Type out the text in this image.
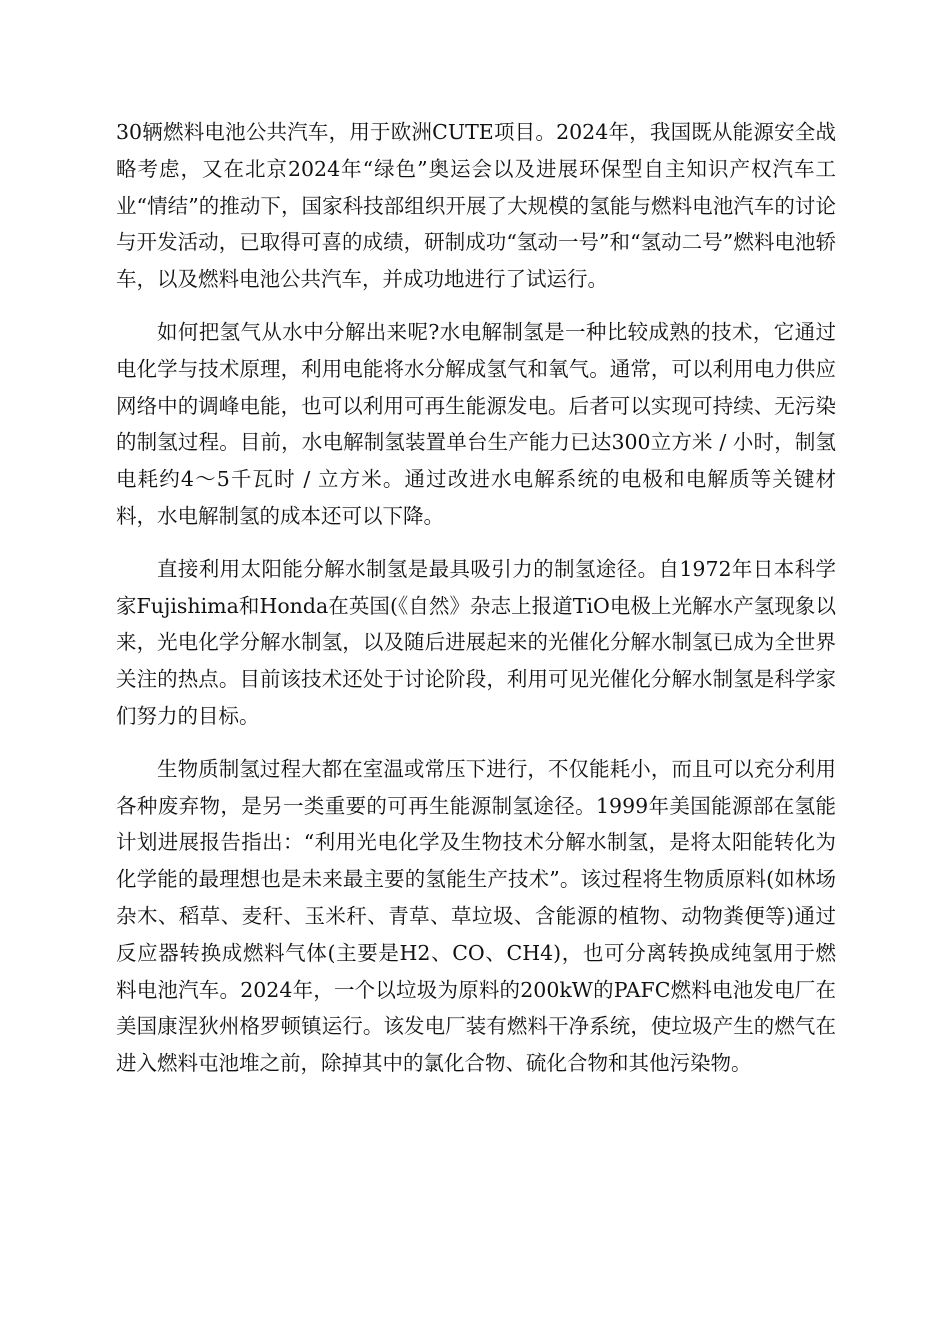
30辆燃料电池公共汽车，用于欧洲CUTE项目。2024年，我国既从能源安全战略考虑，又在北京2024年“绿色”奥运会以及进展环保型自主知识产权汽车工业“情结”的推动下，国家科技部组织开展了大规模的氢能与燃料电池汽车的讨论与开发活动，已取得可喜的成绩，研制成功“氢动一号”和“氢动二号”燃料电池轿车，以及燃料电池公共汽车，并成功地进行了试运行。

如何把氢气从水中分解出来呢?水电解制氢是一种比较成熟的技术，它通过电化学与技术原理，利用电能将水分解成氢气和氧气。通常，可以利用电力供应网络中的调峰电能，也可以利用可再生能源发电。后者可以实现可持续、无污染的制氢过程。目前，水电解制氢装置单台生产能力已达300立方米 / 小时，制氢电耗约4～5千瓦时 / 立方米。通过改进水电解系统的电极和电解质等关键材料，水电解制氢的成本还可以下降。

直接利用太阳能分解水制氢是最具吸引力的制氢途径。自1972年日本科学家Fujishima和Honda在英国(《自然》杂志上报道TiO电极上光解水产氢现象以来，光电化学分解水制氢，以及随后进展起来的光催化分解水制氢已成为全世界关注的热点。目前该技术还处于讨论阶段，利用可见光催化分解水制氢是科学家们努力的目标。

生物质制氢过程大都在室温或常压下进行，不仅能耗小，而且可以充分利用各种废弃物，是另一类重要的可再生能源制氢途径。1999年美国能源部在氢能计划进展报告指出：“利用光电化学及生物技术分解水制氢，是将太阳能转化为化学能的最理想也是未来最主要的氢能生产技术”。该过程将生物质原料(如林场杂木、稻草、麦秆、玉米秆、青草、草垃圾、含能源的植物、动物粪便等)通过反应器转换成燃料气体(主要是H2、CO、CH4)，也可分离转换成纯氢用于燃料电池汽车。2024年，一个以垃圾为原料的200kW的PAFC燃料电池发电厂在美国康涅狄州格罗顿镇运行。该发电厂装有燃料干净系统，使垃圾产生的燃气在进入燃料屯池堆之前，除掉其中的氯化合物、硫化合物和其他污染物。
